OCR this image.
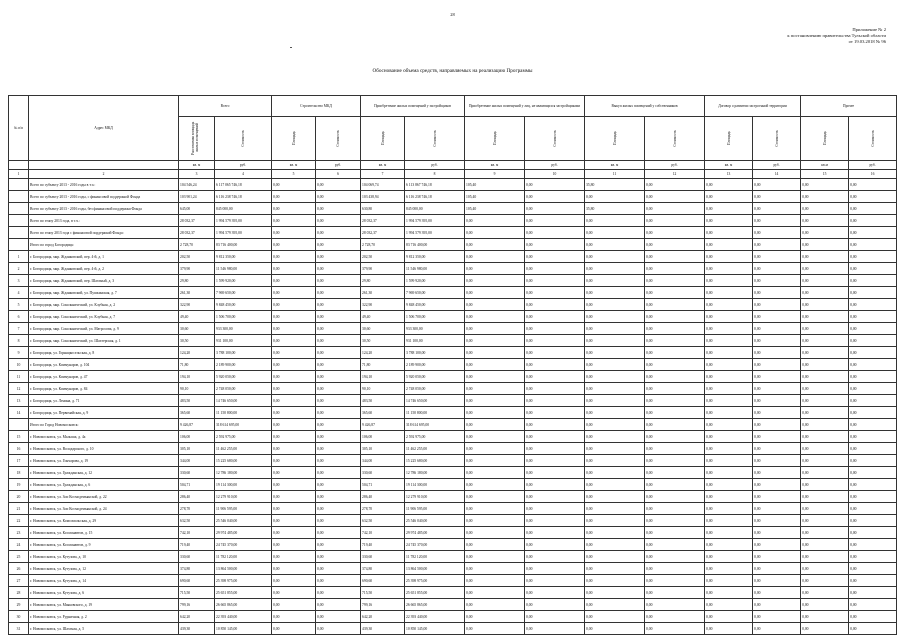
28
Приложение № 2
к постановлению правительства Тульской области
от 19.03.2018 № 96
Обоснование объема средств, направляемых на реализацию Программы
№ п/п	Адрес МКД	Всего		Строительство МКД		Приобретение жилых помещений у застройщиков		Приобретение жилых помещений у лиц, не являющихся застройщиками		Выкуп жилых помещений у собственников		Договор о развитии застроенной территории		Прочее	
		Расселяемая площадь жилых помещений	Стоимость	Площадь	Стоимость	Площадь	Стоимость	Площадь	Стоимость	Площадь	Стоимость	Площадь	Стоимость	Площадь	Стоимость
		кв. м	руб.	кв. м	руб.	кв. м	руб.	кв. м	руб.	кв. м	руб.	кв. м	руб.	кв.м	руб.
1	2	3	4	5	6	7	8	9	10	11	12	13	14	15	16
	Всего по субъекту 2013 - 2016 годы в т.ч.:	104 546,24	6 117 065 746,18	0,00	0,00	104 069,74	6 113 867 746,18	105,40	0,00	35,80	0,00	0,00	0,00	0,00	0,00
	Всего по субъекту 2013 - 2016 годы, с финансовой поддержкой Фонда	103 901,24	6 116 238 746,18	0,00	0,00	103 438,94	6 116 238 746,18	105,40	0,00	0,00	0,00	0,00	0,00	0,00	0,00
	Всего по субъекту 2013 - 2016 годы, без финансовой поддержки Фонда	645,00	845 000,00	0,00	0,00	630,80	845 000,00	105,40	0,00	35,80	0,00	0,00	0,00	0,00	0,00
	Всего по этапу 2013 года, в т.ч.:	28 032,37	1 994 579 395,00	0,00	0,00	28 032,37	1 994 579 395,00	0,00	0,00	0,00	0,00	0,00	0,00	0,00	0,00
	Всего по этапу 2013 года с финансовой поддержкой Фонда:	28 032,37	1 994 579 395,00	0,00	0,00	28 032,37	1 994 579 395,00	0,00	0,00	0,00	0,00	0,00	0,00	0,00	0,00
	Итого по город Богородицк:	2 728,70	83 716 400,00	0,00	0,00	2 728,70	83 716 400,00	0,00	0,00	0,00	0,00	0,00	0,00	0,00	0,00
1	г. Богородицк, мкр. Жданковский, пер. 4-й, д. 1	202,50	9 812 350,00	0,00	0,00	202,50	9 812 350,00	0,00	0,00	0,00	0,00	0,00	0,00	0,00	0,00
2	г. Богородицк, мкр. Жданковский, пер. 4-й, д. 2	379,90	11 546 980,00	0,00	0,00	379,90	11 546 980,00	0,00	0,00	0,00	0,00	0,00	0,00	0,00	0,00
3	г. Богородицк, мкр. Жданковский, пер. Шахтный, д. 3	29,80	1 599 920,00	0,00	0,00	29,80	1 599 920,00	0,00	0,00	0,00	0,00	0,00	0,00	0,00	0,00
4	г. Богородицк, мкр. Жданковский, ул. Пушкинская, д. 7	261,30	7 969 650,00	0,00	0,00	261,30	7 969 650,00	0,00	0,00	0,00	0,00	0,00	0,00	0,00	0,00
5	г. Богородицк, мкр. Сокольнический, ул. Клубная, д. 2	322,90	9 848 450,00	0,00	0,00	322,90	9 848 450,00	0,00	0,00	0,00	0,00	0,00	0,00	0,00	0,00
6	г. Богородицк, мкр. Сокольнический, ул. Клубная, д. 7	49,40	1 506 700,00	0,00	0,00	49,40	1 506 700,00	0,00	0,00	0,00	0,00	0,00	0,00	0,00	0,00
7	г. Богородицк, мкр. Сокольнический, ул. Матросова, д. 9	30,60	933 300,00	0,00	0,00	30,60	933 300,00	0,00	0,00	0,00	0,00	0,00	0,00	0,00	0,00
8	г. Богородицк, мкр. Сокольнический, ул. Шахтерская, д. 1	30,50	931 100,00	0,00	0,00	30,50	931 100,00	0,00	0,00	0,00	0,00	0,00	0,00	0,00	0,00
9	г. Богородицк, ул. Горняцкосельская, д. 8	124,20	3 788 100,00	0,00	0,00	124,20	3 788 100,00	0,00	0,00	0,00	0,00	0,00	0,00	0,00	0,00
10	г. Богородицк, ул. Коммунаров, д. 104	71,80	2 189 900,00	0,00	0,00	71,80	2 189 900,00	0,00	0,00	0,00	0,00	0,00	0,00	0,00	0,00
11	г. Богородицк, ул. Коммунаров, д. 47	194,10	5 920 050,00	0,00	0,00	194,10	5 920 050,00	0,00	0,00	0,00	0,00	0,00	0,00	0,00	0,00
12	г. Богородицк, ул. Коммунаров, д. 84	90,10	2 748 050,00	0,00	0,00	90,10	2 748 050,00	0,00	0,00	0,00	0,00	0,00	0,00	0,00	0,00
13	г. Богородицк, ул. Ленина, д. 71	483,50	14 746 650,00	0,00	0,00	483,50	14 746 650,00	0,00	0,00	0,00	0,00	0,00	0,00	0,00	0,00
14	г. Богородицк, ул. Первомайская, д. 9	365,60	11 150 800,00	0,00	0,00	365,60	11 150 800,00	0,00	0,00	0,00	0,00	0,00	0,00	0,00	0,00
	Итого по Город Новомосковск:	9 426,87	318 614 695,00	0,00	0,00	9 426,87	318 614 695,00	0,00	0,00	0,00	0,00	0,00	0,00	0,00	0,00
15	г. Новомосковск, ул. Малыша, д. 4а	106,00	2 592 975,00	0,00	0,00	106,00	2 592 975,00	0,00	0,00	0,00	0,00	0,00	0,00	0,00	0,00
16	г. Новомосковск, ул. Володарского, д. 10	305,10	11 462 255,00	0,00	0,00	305,10	11 462 255,00	0,00	0,00	0,00	0,00	0,00	0,00	0,00	0,00
17	г. Новомосковск, ул. Гончарова, д. 19	344,00	15 225 680,00	0,00	0,00	344,00	15 225 680,00	0,00	0,00	0,00	0,00	0,00	0,00	0,00	0,00
18	г. Новомосковск, ул. Гражданская, д. 12	330,60	12 786 180,00	0,00	0,00	330,60	12 786 180,00	0,00	0,00	0,00	0,00	0,00	0,00	0,00	0,00
19	г. Новомосковск, ул. Гражданская, д. 6	504,71	19 114 300,00	0,00	0,00	504,71	19 114 300,00	0,00	0,00	0,00	0,00	0,00	0,00	0,00	0,00
20	г. Новомосковск, ул. Зои Космодемьянской, д. 22	286,40	12 279 910,00	0,00	0,00	286,40	12 279 910,00	0,00	0,00	0,00	0,00	0,00	0,00	0,00	0,00
21	г. Новомосковск, ул. Зои Космодемьянской, д. 24	278,70	11 906 595,00	0,00	0,00	278,70	11 906 595,00	0,00	0,00	0,00	0,00	0,00	0,00	0,00	0,00
22	г. Новомосковск, ул. Комсомольская, д. 29	632,50	25 546 040,00	0,00	0,00	632,50	25 546 040,00	0,00	0,00	0,00	0,00	0,00	0,00	0,00	0,00
23	г. Новомосковск, ул. Космонавтов, д. 15	742,10	29 974 485,00	0,00	0,00	742,10	29 974 485,00	0,00	0,00	0,00	0,00	0,00	0,00	0,00	0,00
24	г. Новомосковск, ул. Космонавтов, д. 9	719,40	24 745 370,00	0,00	0,00	719,40	24 745 370,00	0,00	0,00	0,00	0,00	0,00	0,00	0,00	0,00
25	г. Новомосковск, ул. Кутузова, д. 10	330,60	11 782 120,00	0,00	0,00	330,60	11 782 120,00	0,00	0,00	0,00	0,00	0,00	0,00	0,00	0,00
26	г. Новомосковск, ул. Кутузова, д. 12	374,80	13 864 500,00	0,00	0,00	374,80	13 864 500,00	0,00	0,00	0,00	0,00	0,00	0,00	0,00	0,00
27	г. Новомосковск, ул. Кутузова, д. 14	690,60	25 398 975,00	0,00	0,00	690,60	25 398 975,00	0,00	0,00	0,00	0,00	0,00	0,00	0,00	0,00
28	г. Новомосковск, ул. Кутузова, д. 6	715,50	25 651 855,00	0,00	0,00	715,50	25 651 855,00	0,00	0,00	0,00	0,00	0,00	0,00	0,00	0,00
29	г. Новомосковск, ул. Маяковского, д. 19	799,16	26 665 865,00	0,00	0,00	799,16	26 665 865,00	0,00	0,00	0,00	0,00	0,00	0,00	0,00	0,00
30	г. Новомосковск, ул. Рудничная, д. 2	642,20	22 393 440,00	0,00	0,00	642,20	22 393 440,00	0,00	0,00	0,00	0,00	0,00	0,00	0,00	0,00
31	г. Новомосковск, ул. Шахтная, д. 5	439,30	10 850 145,00	0,00	0,00	439,30	10 850 145,00	0,00	0,00	0,00	0,00	0,00	0,00	0,00	0,00
